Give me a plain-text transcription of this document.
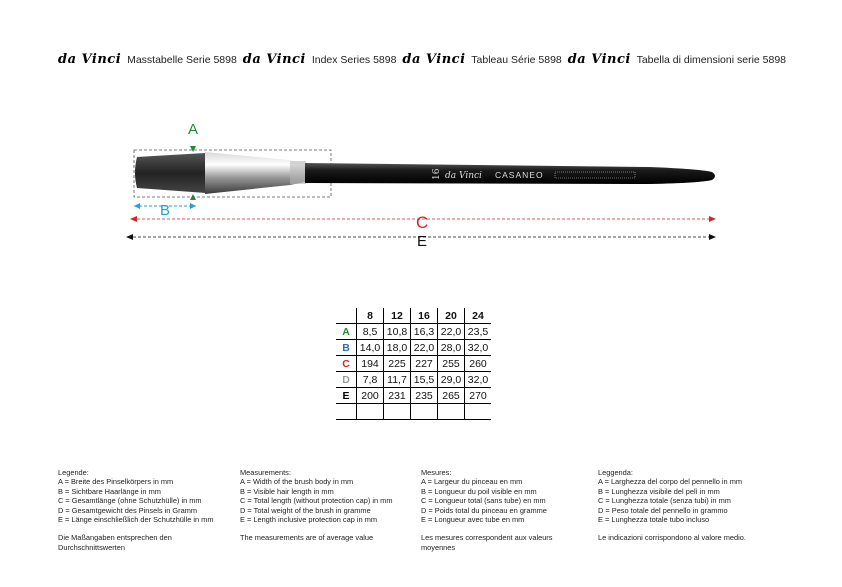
da Vinci Masstabelle Serie 5898 da Vinci Index Series 5898 da Vinci Tableau Série 5898 da Vinci Tabella di dimensioni serie 5898
A
16 da Vinci CASANEO
B
C
E
	8	12	16	20	24
A	8,5	10,8	16,3	22,0	23,5
B	14,0	18,0	22,0	28,0	32,0
C	194	225	227	255	260
D	7,8	11,7	15,5	29,0	32,0
E	200	231	235	265	270

Legende:
A = Breite des Pinselkörpers in mm
B = Sichtbare Haarlänge in mm
C = Gesamtlänge (ohne Schutzhülle) in mm
D = Gesamtgewicht des Pinsels in Gramm
E = Länge einschließlich der Schutzhülle in mm
Die Maßangaben entsprechen den Durchschnittswerten
Measurements:
A = Width of the brush body in mm
B = Visible hair length in mm
C = Total length (without protection cap) in mm
D = Total weight of the brush in gramme
E = Length inclusive protection cap in mm
The measurements are of average value
Mesures:
A = Largeur du pinceau en mm
B = Longueur du poil visible en mm
C = Longueur total (sans tube) en mm
D = Poids total du pinceau en gramme
E = Longueur avec tube en mm
Les mesures correspondent aux valeurs moyennes
Leggenda:
A = Larghezza del corpo del pennello in mm
B = Lunghezza visibile del pelì in mm
C = Lunghezza totale (senza tubi) in mm
D = Peso totale del pennello in grammo
E = Lunghezza totale tubo incluso
Le indicazioni corrispondono al valore medio.
